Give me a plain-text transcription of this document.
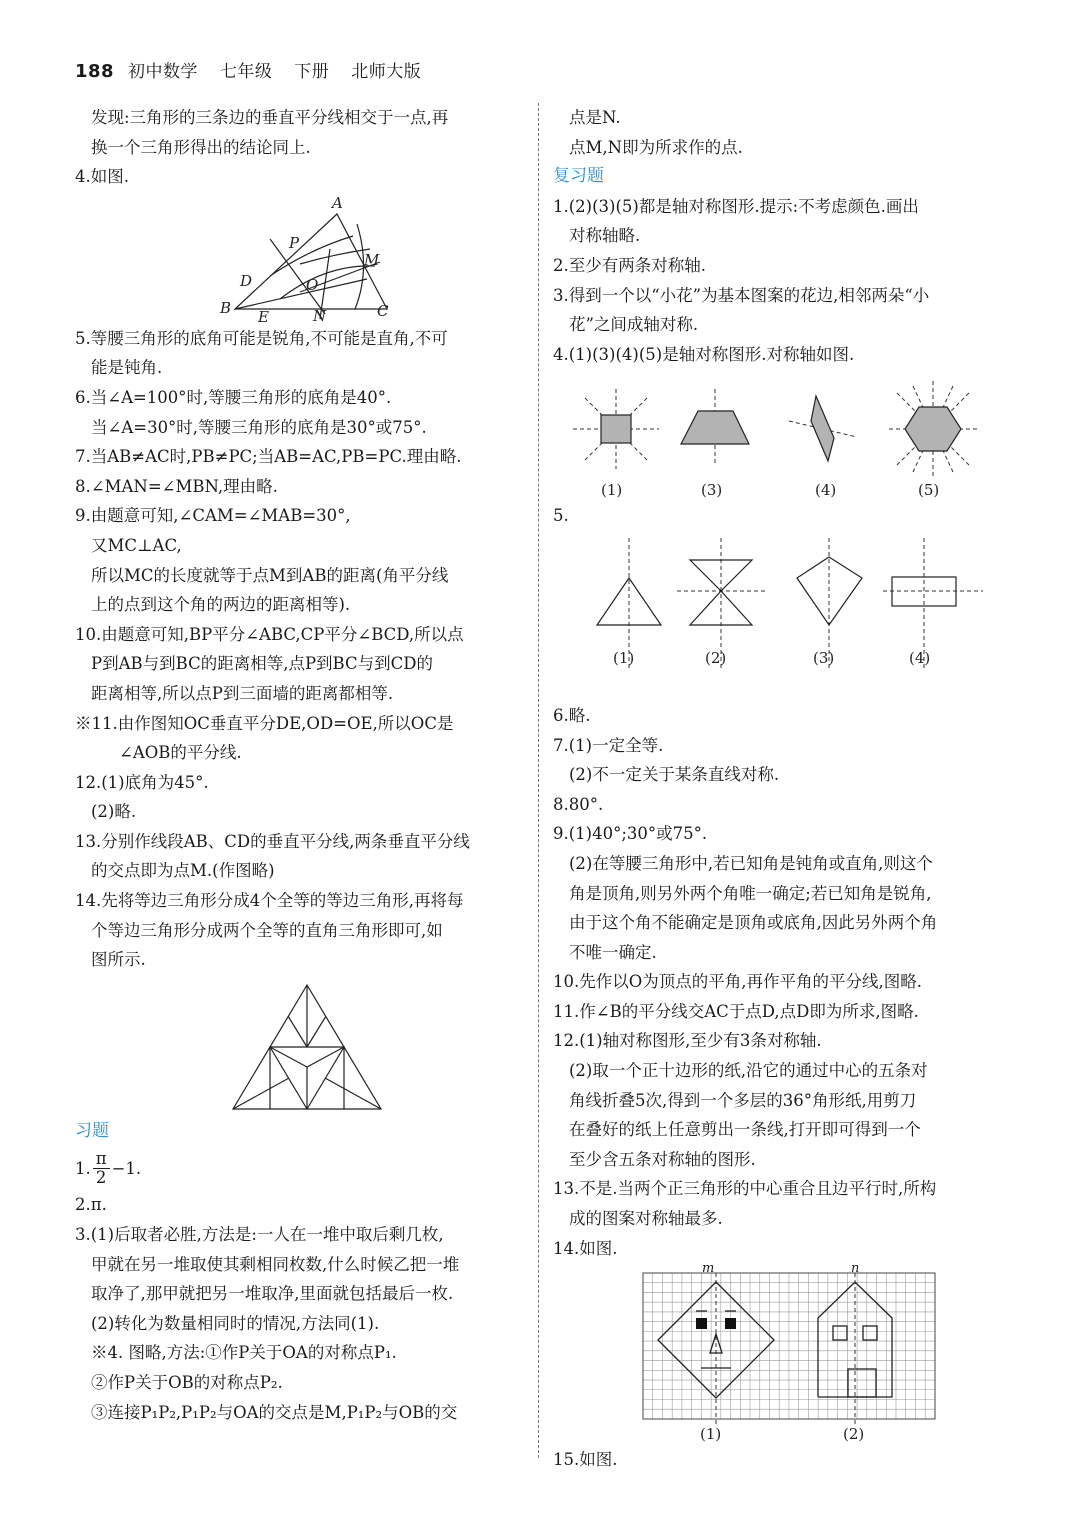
188 初中数学 七年级 下册 北师大版
发现:三角形的三条边的垂直平分线相交于一点,再
换一个三角形得出的结论同上.
4.如图.
A
P
M
D	O
B E	N	C
5.等腰三角形的底角可能是锐角,不可能是直角,不可
能是钝角.
6.当∠A=100°时,等腰三角形的底角是40°.
当∠A=30°时,等腰三角形的底角是30°或75°.
7.当AB≠AC时,PB≠PC;当AB=AC,PB=PC.理由略.
8.∠MAN=∠MBN,理由略.
9.由题意可知,∠CAM=∠MAB=30°,
又MC⊥AC,
所以MC的长度就等于点M到AB的距离(角平分线
上的点到这个角的两边的距离相等).
10.由题意可知,BP平分∠ABC,CP平分∠BCD,所以点
P到AB与到BC的距离相等,点P到BC与到CD的
距离相等,所以点P到三面墙的距离都相等.
※11.由作图知OC垂直平分DE,OD=OE,所以OC是
∠AOB的平分线.
12.(1)底角为45°.
(2)略.
13.分别作线段AB、CD的垂直平分线,两条垂直平分线
的交点即为点M.(作图略)
14.先将等边三角形分成4个全等的等边三角形,再将每
个等边三角形分成两个全等的直角三角形即可,如
图所示.
习题
1. $\frac{\pi}{2} -1$.
2.π.
3.(1)后取者必胜,方法是:一人在一堆中取后剩几枚,
甲就在另一堆取使其剩相同枚数,什么时候乙把一堆
取净了,那甲就把另一堆取净,里面就包括最后一枚.
(2)转化为数量相同时的情况,方法同(1).
※4. 图略,方法:①作P关于OA的对称点P₁.
②作P关于OB的对称点P₂.
③连接P₁P₂,P₁P₂与OA的交点是M,P₁P₂与OB的交
点是N.
点M,N即为所求作的点.
复习题
1.(2)(3)(5)都是轴对称图形.提示:不考虑颜色.画出
对称轴略.
2.至少有两条对称轴.
3.得到一个以“小花”为基本图案的花边,相邻两朵“小
花”之间成轴对称.
4.(1)(3)(4)(5)是轴对称图形.对称轴如图.
(1)	(3)	(4)	(5)
5.
(1)	(2)	(3)	(4)
6.略.
7.(1)一定全等.
(2)不一定关于某条直线对称.
8.80°.
9.(1)40°;30°或75°.
(2)在等腰三角形中,若已知角是钝角或直角,则这个
角是顶角,则另外两个角唯一确定;若已知角是锐角,
由于这个角不能确定是顶角或底角,因此另外两个角
不唯一确定.
10.先作以O为顶点的平角,再作平角的平分线,图略.
11.作∠B的平分线交AC于点D,点D即为所求,图略.
12.(1)轴对称图形,至少有3条对称轴.
(2)取一个正十边形的纸,沿它的通过中心的五条对
角线折叠5次,得到一个多层的36°角形纸,用剪刀
在叠好的纸上任意剪出一条线,打开即可得到一个
至少含五条对称轴的图形.
13.不是.当两个正三角形的中心重合且边平行时,所构
成的图案对称轴最多.
14.如图.
m	n
(1)	(2)
15.如图.
